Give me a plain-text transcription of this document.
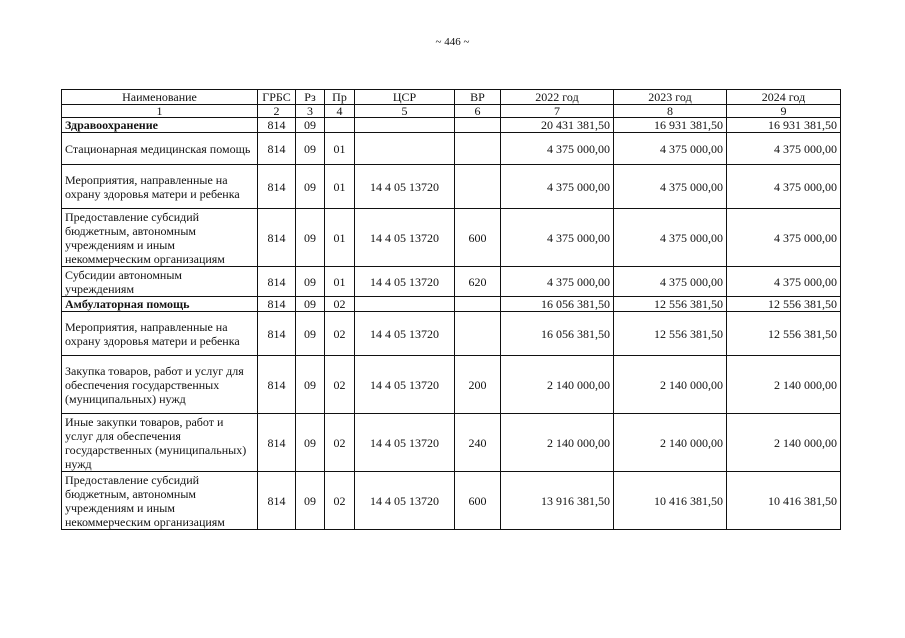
~ 446 ~
Наименование	ГРБС	Рз	Пр	ЦСР	ВР	2022 год	2023 год	2024 год
1	2	3	4	5	6	7	8	9
Здравоохранение	814	09				20 431 381,50	16 931 381,50	16 931 381,50
Стационарная медицинская помощь	814	09	01			4 375 000,00	4 375 000,00	4 375 000,00
Мероприятия, направленные на охрану здоровья матери и ребенка	814	09	01	14 4 05 13720		4 375 000,00	4 375 000,00	4 375 000,00
Предоставление субсидий бюджетным, автономным учреждениям и иным некоммерческим организациям	814	09	01	14 4 05 13720	600	4 375 000,00	4 375 000,00	4 375 000,00
Субсидии автономным учреждениям	814	09	01	14 4 05 13720	620	4 375 000,00	4 375 000,00	4 375 000,00
Амбулаторная помощь	814	09	02			16 056 381,50	12 556 381,50	12 556 381,50
Мероприятия, направленные на охрану здоровья матери и ребенка	814	09	02	14 4 05 13720		16 056 381,50	12 556 381,50	12 556 381,50
Закупка товаров, работ и услуг для обеспечения государственных (муниципальных) нужд	814	09	02	14 4 05 13720	200	2 140 000,00	2 140 000,00	2 140 000,00
Иные закупки товаров, работ и услуг для обеспечения государственных (муниципальных) нужд	814	09	02	14 4 05 13720	240	2 140 000,00	2 140 000,00	2 140 000,00
Предоставление субсидий бюджетным, автономным учреждениям и иным некоммерческим организациям	814	09	02	14 4 05 13720	600	13 916 381,50	10 416 381,50	10 416 381,50
